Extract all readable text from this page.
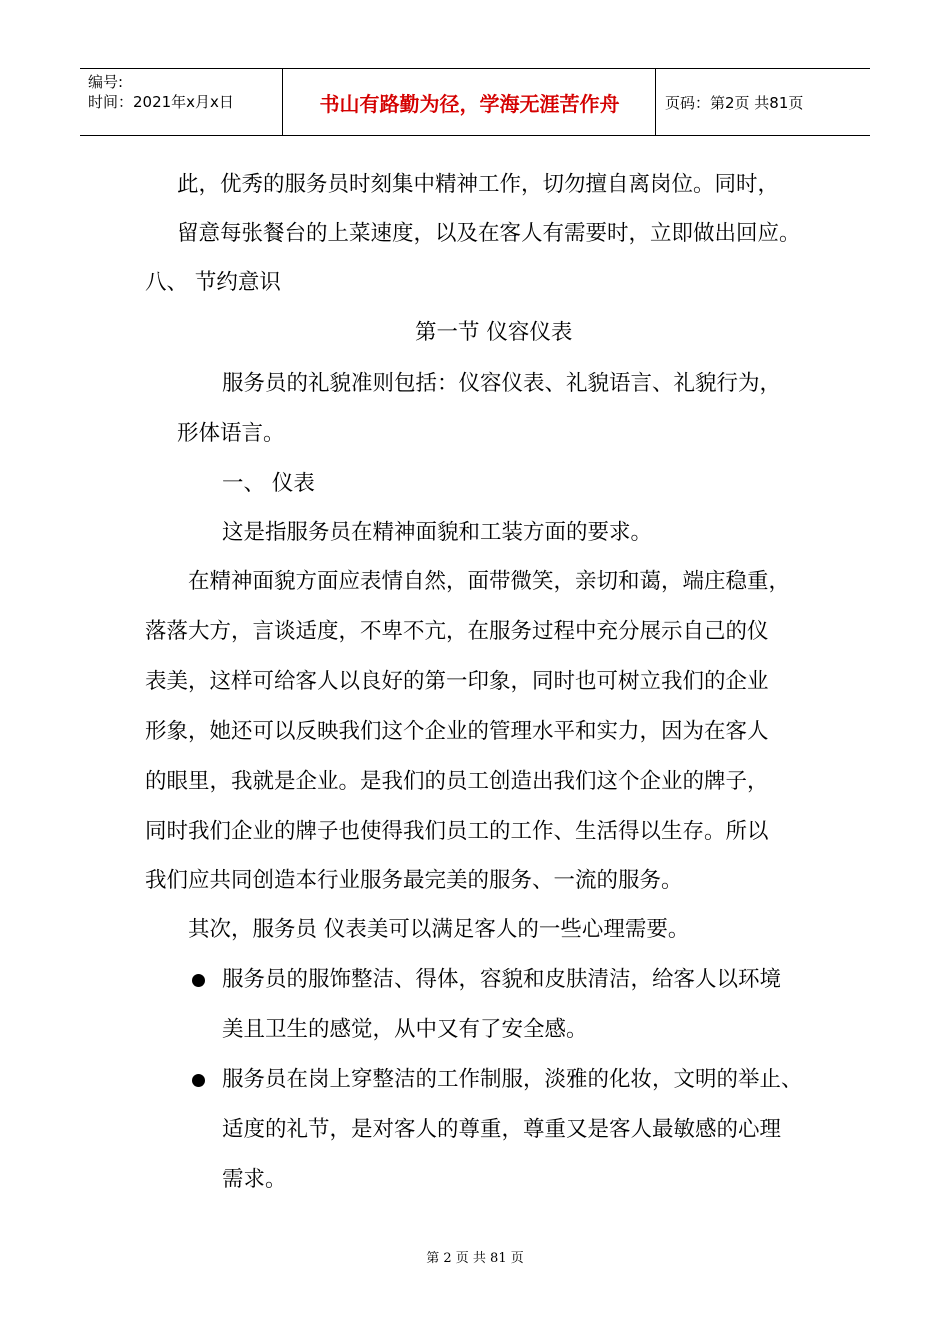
编号:
时间：2021年x月x日	书山有路勤为径，学海无涯苦作舟	页码：第2页 共81页
此，优秀的服务员时刻集中精神工作，切勿擅自离岗位。同时，
留意每张餐台的上菜速度，以及在客人有需要时，立即做出回应。
八、 节约意识
第一节 仪容仪表
服务员的礼貌准则包括：仪容仪表、礼貌语言、礼貌行为，
形体语言。
一、 仪表
这是指服务员在精神面貌和工装方面的要求。
在精神面貌方面应表情自然，面带微笑，亲切和蔼，端庄稳重，
落落大方，言谈适度，不卑不亢，在服务过程中充分展示自己的仪
表美，这样可给客人以良好的第一印象，同时也可树立我们的企业
形象，她还可以反映我们这个企业的管理水平和实力，因为在客人
的眼里，我就是企业。是我们的员工创造出我们这个企业的牌子，
同时我们企业的牌子也使得我们员工的工作、生活得以生存。所以
我们应共同创造本行业服务最完美的服务、一流的服务。
其次，服务员 仪表美可以满足客人的一些心理需要。
服务员的服饰整洁、得体，容貌和皮肤清洁，给客人以环境
美且卫生的感觉，从中又有了安全感。
服务员在岗上穿整洁的工作制服，淡雅的化妆，文明的举止、
适度的礼节，是对客人的尊重，尊重又是客人最敏感的心理
需求。
第 2 页 共 81 页
